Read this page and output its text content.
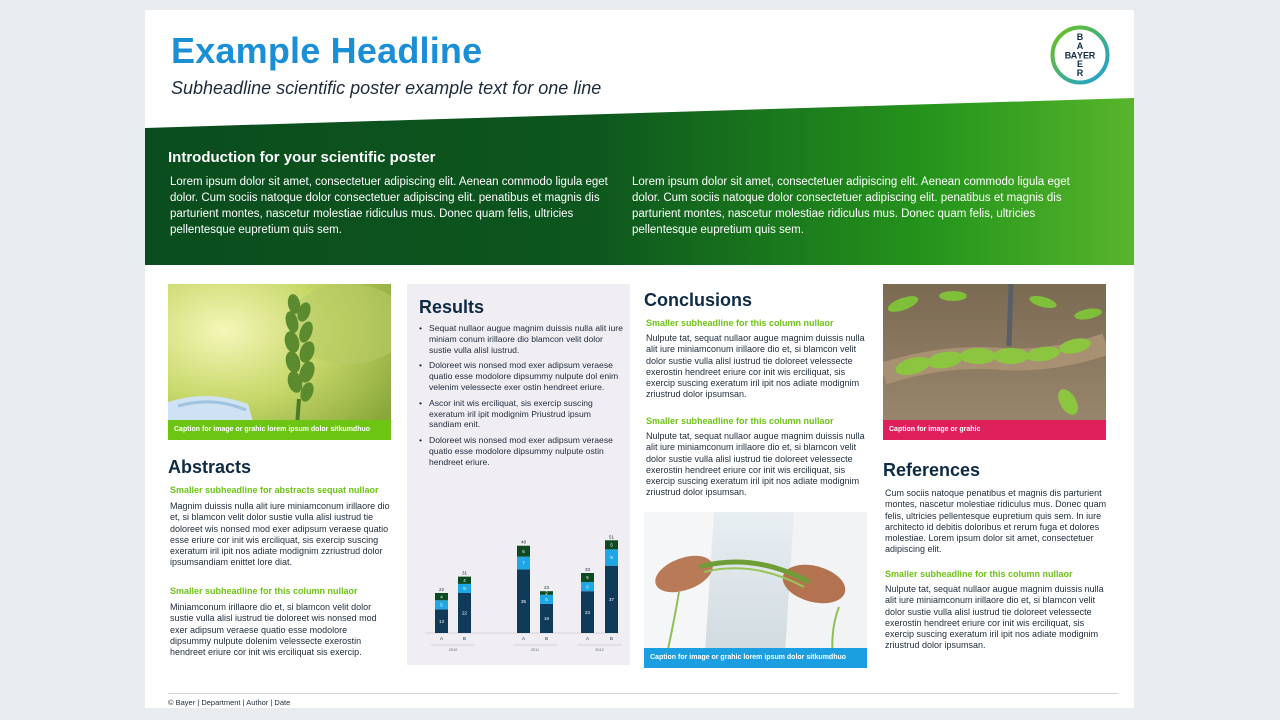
Example Headline

Subheadline scientific poster example text for one line

B A Y E R
B
A
E
R
Introduction for your scientific poster

Lorem ipsum dolor sit amet, consectetuer adipiscing elit. Aenean commodo ligula eget dolor. Cum sociis natoque dolor consectetuer adipiscing elit. penatibus et magnis dis parturient montes, nascetur molestiae ridiculus mus. Donec quam felis, ultricies pellentesque eupretium quis sem.

Lorem ipsum dolor sit amet, consectetuer adipiscing elit. Aenean commodo ligula eget dolor. Cum sociis natoque dolor consectetuer adipiscing elit. penatibus et magnis dis parturient montes, nascetur molestiae ridiculus mus. Donec quam felis, ultricies pellentesque eupretium quis sem.

Caption for image or grahic lorem ipsum dolor sitkumdhuo
Abstracts

Smaller subheadline for abstracts sequat nullaor

Magnim duissis nulla alit iure miniamconum irillaore dio et, si blamcon velit dolor sustie vulla alisl iustrud tie doloreet wis nonsed mod exer adipsum veraese quatio esse eriure cor init wis erciliquat, sis exercip suscing exeratum iril ipit nos adiate modignim zzriustrud dolor ipsumsandiam enittet lore diat.

Smaller subheadline for this column nullaor

Miniamconum irillaore dio et, si blamcon velit dolor sustie vulla alisl iustrud tie doloreet wis nonsed mod exer adipsum veraese quatio esse modolore dipsummy nulpute dolenim velessecte exerostin hendreet eriure cor init wis erciliquat sis exercip.

Results
• Sequat nullaor augue magnim duissis nulla alit iure miniam conum irillaore dio blamcon velit dolor sustie vulla alisl iustrud.
• Doloreet wis nonsed mod exer adipsum veraese quatio esse modolore dipsummy nulpute dol enim velenim velessecte exer ostin hendreet eriure.
• Ascor init wis erciliquat, sis exercip suscing exeratum iril ipit modignim Priustrud ipsum sandiam enit.
• Doloreet wis nonsed mod exer adipsum veraese quatio esse modolore dipsummy nulpute ostin hendreet eriure.
13
5
4
22
A
22
5
4
31
B
35
7
6
48
A
16
5
2
23
B
23
5
5
33
A
37
9
5
51
B
2010	2011	2012
Conclusions

Smaller subheadline for this column nullaor

Nulpute tat, sequat nullaor augue magnim duissis nulla alit iure miniamconum irillaore dio et, si blamcon velit dolor sustie vulla alisl iustrud tie doloreet velessecte exerostin hendreet eriure cor init wis erciliquat, sis exercip suscing exeratum iril ipit nos adiate modignim zriustrud dolor ipsumsan.

Smaller subheadline for this column nullaor

Nulpute tat, sequat nullaor augue magnim duissis nulla alit iure miniamconum irillaore dio et, si blamcon velit dolor sustie vulla alisl iustrud tie doloreet velessecte exerostin hendreet eriure cor init wis erciliquat, sis exercip suscing exeratum iril ipit nos adiate modignim zriustrud dolor ipsumsan.

Caption for image or grahic lorem ipsum dolor sitkumdhuo
Caption for image or grahic
References

Cum sociis natoque penatibus et magnis dis parturient montes, nascetur molestiae ridiculus mus. Donec quam felis, ultricies pellentesque eupretium quis sem. In iure architecto id debitis doloribus et rerum fuga et dolores molestiae. Lorem ipsum dolor sit amet, consectetuer adipiscing elit.

Smaller subheadline for this column nullaor

Nulpute tat, sequat nullaor augue magnim duissis nulla alit iure miniamconum irillaore dio et, si blamcon velit dolor sustie vulla alisl iustrud tie doloreet velessecte exerostin hendreet eriure cor init wis erciliquat, sis exercip suscing exeratum iril ipit nos adiate modignim zriustrud dolor ipsumsan.

© Bayer | Department | Author | Date
